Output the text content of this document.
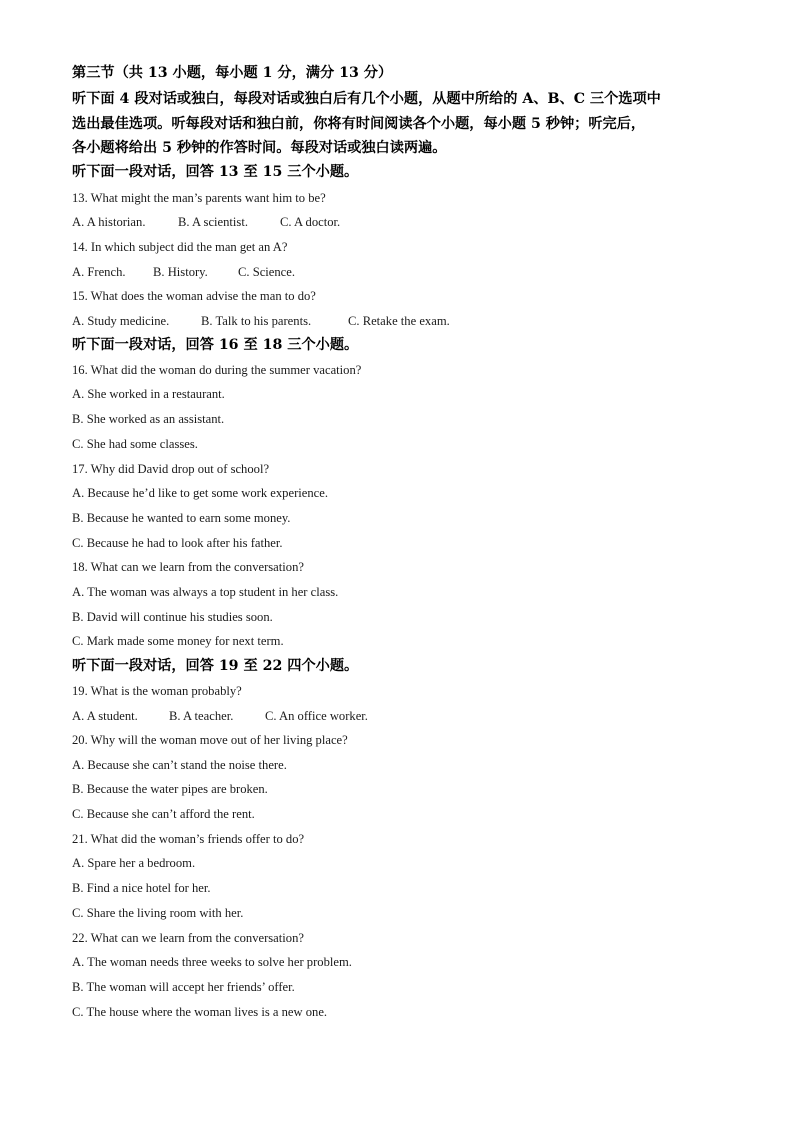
第三节（共 13 小题，每小题 1 分，满分 13 分）
听下面 4 段对话或独白，每段对话或独白后有几个小题，从题中所给的 A、B、C 三个选项中
选出最佳选项。听每段对话和独白前，你将有时间阅读各个小题，每小题 5 秒钟；听完后，
各小题将给出 5 秒钟的作答时间。每段对话或独白读两遍。
听下面一段对话，回答 13 至 15 三个小题。
13. What might the man’s parents want him to be?
A. A historian.	B. A scientist.	C. A doctor.
14. In which subject did the man get an A?
A. French. B. History. C. Science.
15. What does the woman advise the man to do?
A. Study medicine.	B. Talk to his parents.	C. Retake the exam.
听下面一段对话，回答 16 至 18 三个小题。
16. What did the woman do during the summer vacation?
A. She worked in a restaurant.
B. She worked as an assistant.
C. She had some classes.
17. Why did David drop out of school?
A. Because he’d like to get some work experience.
B. Because he wanted to earn some money.
C. Because he had to look after his father.
18. What can we learn from the conversation?
A. The woman was always a top student in her class.
B. David will continue his studies soon.
C. Mark made some money for next term.
听下面一段对话，回答 19 至 22 四个小题。
19. What is the woman probably?
A. A student. B. A teacher.	C. An office worker.
20. Why will the woman move out of her living place?
A. Because she can’t stand the noise there.
B. Because the water pipes are broken.
C. Because she can’t afford the rent.
21. What did the woman’s friends offer to do?
A. Spare her a bedroom.
B. Find a nice hotel for her.
C. Share the living room with her.
22. What can we learn from the conversation?
A. The woman needs three weeks to solve her problem.
B. The woman will accept her friends’ offer.
C. The house where the woman lives is a new one.
